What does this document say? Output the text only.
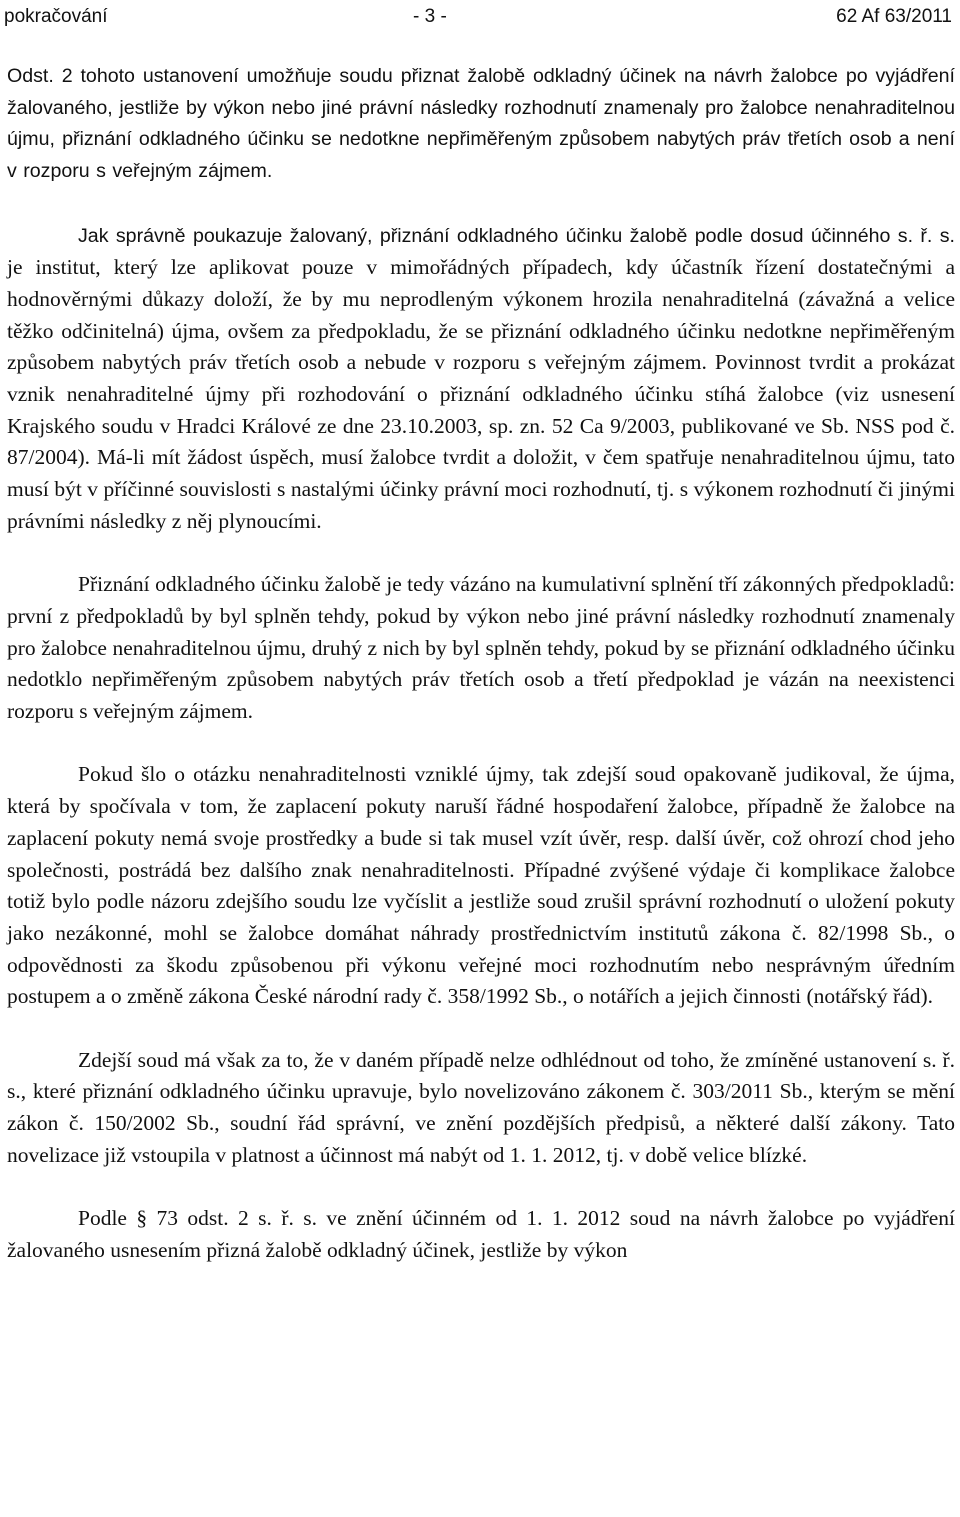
pokračování	- 3 -	62 Af 63/2011

Odst. 2 tohoto ustanovení umožňuje soudu přiznat žalobě odkladný účinek na návrh žalobce po vyjádření žalovaného, jestliže by výkon nebo jiné právní následky rozhodnutí znamenaly pro žalobce nenahraditelnou újmu, přiznání odkladného účinku se nedotkne nepřiměřeným způsobem nabytých práv třetích osob a není v rozporu s veřejným zájmem.

Jak správně poukazuje žalovaný, přiznání odkladného účinku žalobě podle dosud účinného s. ř. s. je institut, který lze aplikovat pouze v mimořádných případech, kdy účastník řízení dostatečnými a hodnověrnými důkazy doloží, že by mu neprodleným výkonem hrozila nenahraditelná (závažná a velice těžko odčinitelná) újma, ovšem za předpokladu, že se přiznání odkladného účinku nedotkne nepřiměřeným způsobem nabytých práv třetích osob a nebude v rozporu s veřejným zájmem. Povinnost tvrdit a prokázat vznik nenahraditelné újmy při rozhodování o přiznání odkladného účinku stíhá žalobce (viz usnesení Krajského soudu v Hradci Králové ze dne 23.10.2003, sp. zn. 52 Ca 9/2003, publikované ve Sb. NSS pod č. 87/2004). Má-li mít žádost úspěch, musí žalobce tvrdit a doložit, v čem spatřuje nenahraditelnou újmu, tato musí být v příčinné souvislosti s nastalými účinky právní moci rozhodnutí, tj. s výkonem rozhodnutí či jinými právními následky z něj plynoucími.

Přiznání odkladného účinku žalobě je tedy vázáno na kumulativní splnění tří zákonných předpokladů: první z předpokladů by byl splněn tehdy, pokud by výkon nebo jiné právní následky rozhodnutí znamenaly pro žalobce nenahraditelnou újmu, druhý z nich by byl splněn tehdy, pokud by se přiznání odkladného účinku nedotklo nepřiměřeným způsobem nabytých práv třetích osob a třetí předpoklad je vázán na neexistenci rozporu s veřejným zájmem.

Pokud šlo o otázku nenahraditelnosti vzniklé újmy, tak zdejší soud opakovaně judikoval, že újma, která by spočívala v tom, že zaplacení pokuty naruší řádné hospodaření žalobce, případně že žalobce na zaplacení pokuty nemá svoje prostředky a bude si tak musel vzít úvěr, resp. další úvěr, což ohrozí chod jeho společnosti, postrádá bez dalšího znak nenahraditelnosti. Případné zvýšené výdaje či komplikace žalobce totiž bylo podle názoru zdejšího soudu lze vyčíslit a jestliže soud zrušil správní rozhodnutí o uložení pokuty jako nezákonné, mohl se žalobce domáhat náhrady prostřednictvím institutů zákona č. 82/1998 Sb., o odpovědnosti za škodu způsobenou při výkonu veřejné moci rozhodnutím nebo nesprávným úředním postupem a o změně zákona České národní rady č. 358/1992 Sb., o notářích a jejich činnosti (notářský řád).

Zdejší soud má však za to, že v daném případě nelze odhlédnout od toho, že zmíněné ustanovení s. ř. s., které přiznání odkladného účinku upravuje, bylo novelizováno zákonem č. 303/2011 Sb., kterým se mění zákon č. 150/2002 Sb., soudní řád správní, ve znění pozdějších předpisů, a některé další zákony. Tato novelizace již vstoupila v platnost a účinnost má nabýt od 1. 1. 2012, tj. v době velice blízké.

Podle § 73 odst. 2 s. ř. s. ve znění účinném od 1. 1. 2012 soud na návrh žalobce po vyjádření žalovaného usnesením přizná žalobě odkladný účinek, jestliže by výkon
